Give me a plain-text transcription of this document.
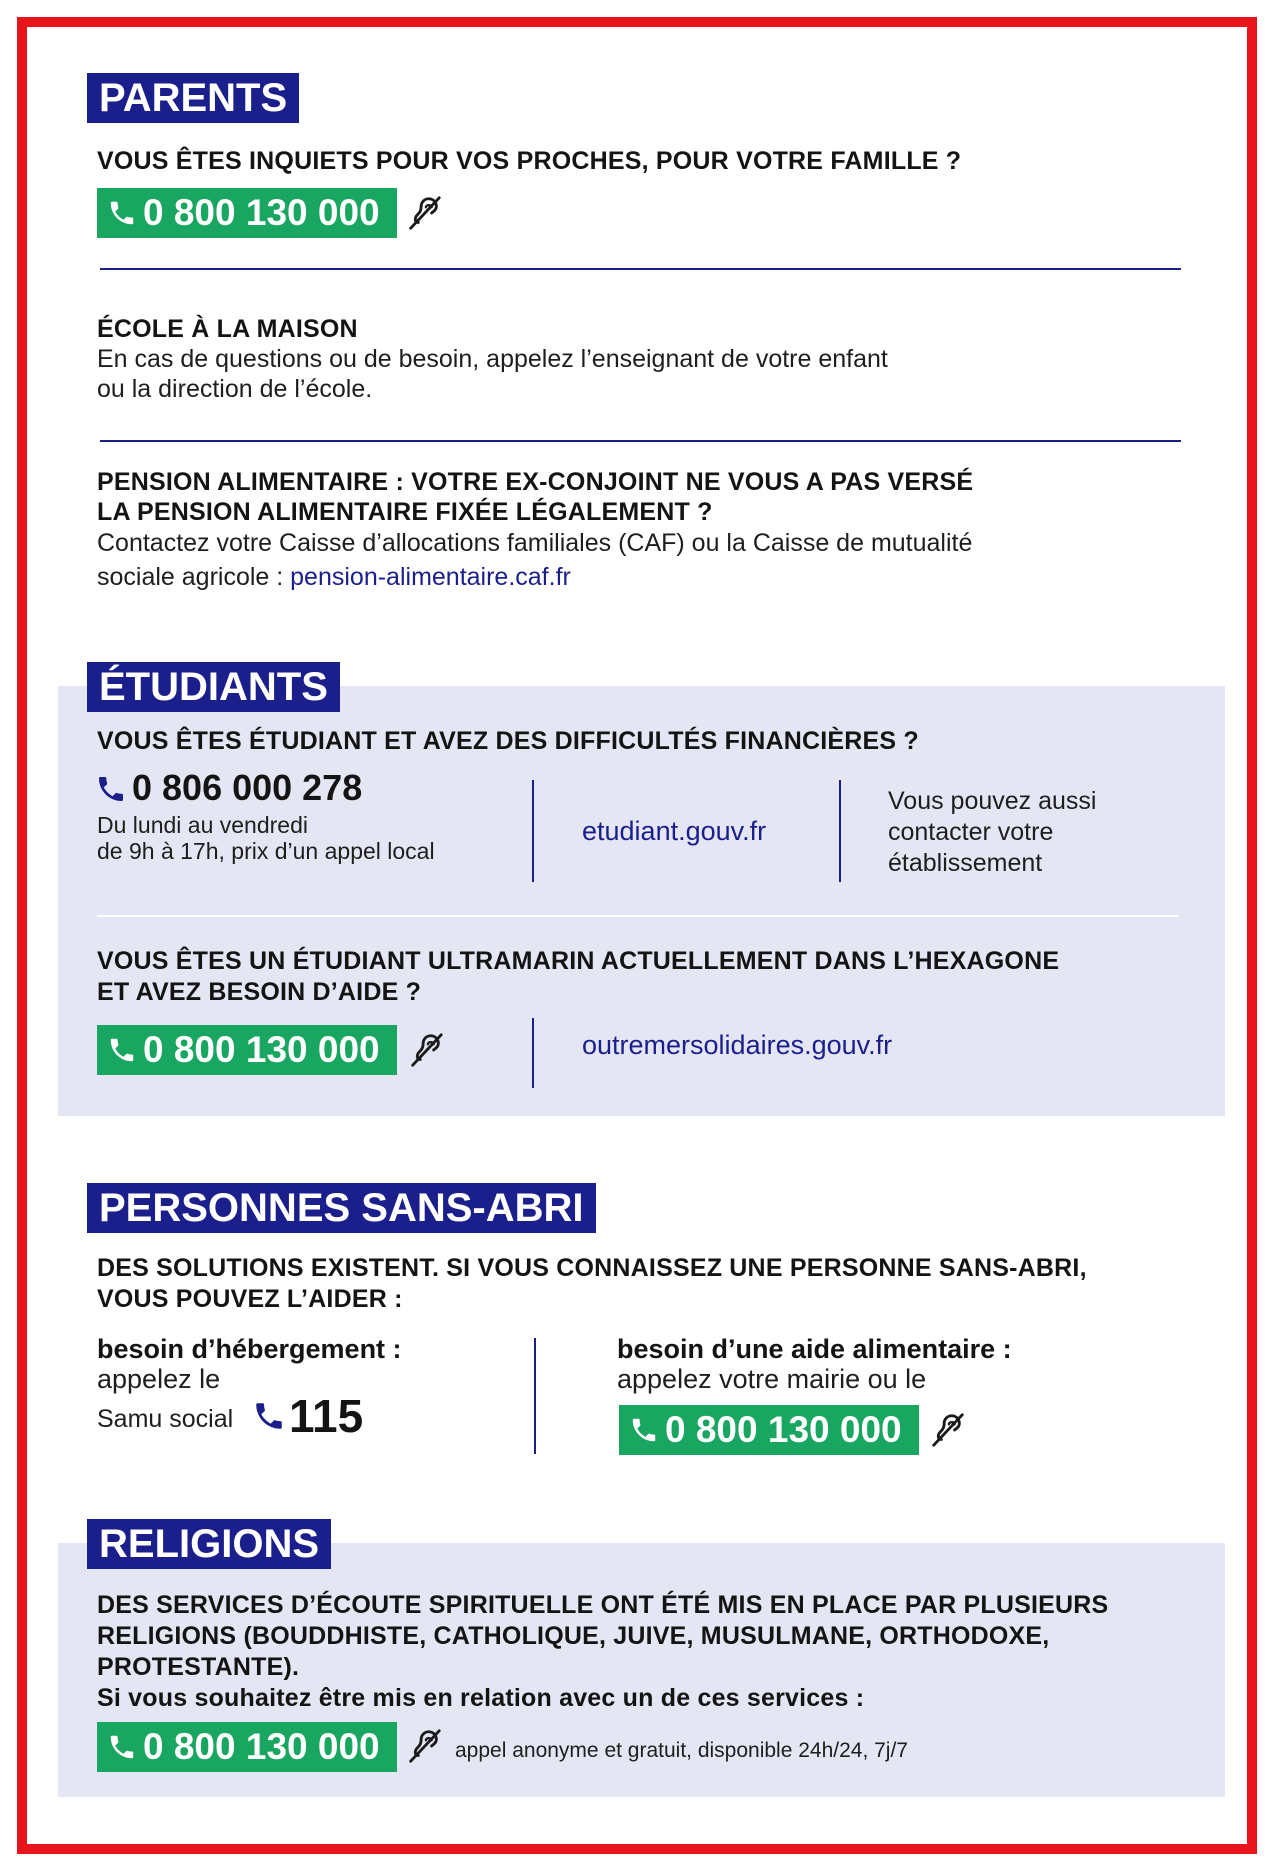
PARENTS
VOUS ÊTES INQUIETS POUR VOS PROCHES, POUR VOTRE FAMILLE ?
0 800 130 000
ÉCOLE À LA MAISON
En cas de questions ou de besoin, appelez l’enseignant de votre enfant
ou la direction de l’école.
PENSION ALIMENTAIRE : VOTRE EX-CONJOINT NE VOUS A PAS VERSÉ
LA PENSION ALIMENTAIRE FIXÉE LÉGALEMENT ?
Contactez votre Caisse d’allocations familiales (CAF) ou la Caisse de mutualité
sociale agricole : pension-alimentaire.caf.fr
ÉTUDIANTS
VOUS ÊTES ÉTUDIANT ET AVEZ DES DIFFICULTÉS FINANCIÈRES ?
0 806 000 278
Du lundi au vendredi
de 9h à 17h, prix d’un appel local
etudiant.gouv.fr
Vous pouvez aussi
contacter votre
établissement
VOUS ÊTES UN ÉTUDIANT ULTRAMARIN ACTUELLEMENT DANS L’HEXAGONE
ET AVEZ BESOIN D’AIDE ?
0 800 130 000	outremersolidaires.gouv.fr
PERSONNES SANS-ABRI
DES SOLUTIONS EXISTENT. SI VOUS CONNAISSEZ UNE PERSONNE SANS-ABRI,
VOUS POUVEZ L’AIDER :
besoin d’hébergement :
appelez le
Samu social 115
besoin d’une aide alimentaire :
appelez votre mairie ou le
0 800 130 000
RELIGIONS
DES SERVICES D’ÉCOUTE SPIRITUELLE ONT ÉTÉ MIS EN PLACE PAR PLUSIEURS
RELIGIONS (BOUDDHISTE, CATHOLIQUE, JUIVE, MUSULMANE, ORTHODOXE,
PROTESTANTE).
Si vous souhaitez être mis en relation avec un de ces services :
0 800 130 000	appel anonyme et gratuit, disponible 24h/24, 7j/7
